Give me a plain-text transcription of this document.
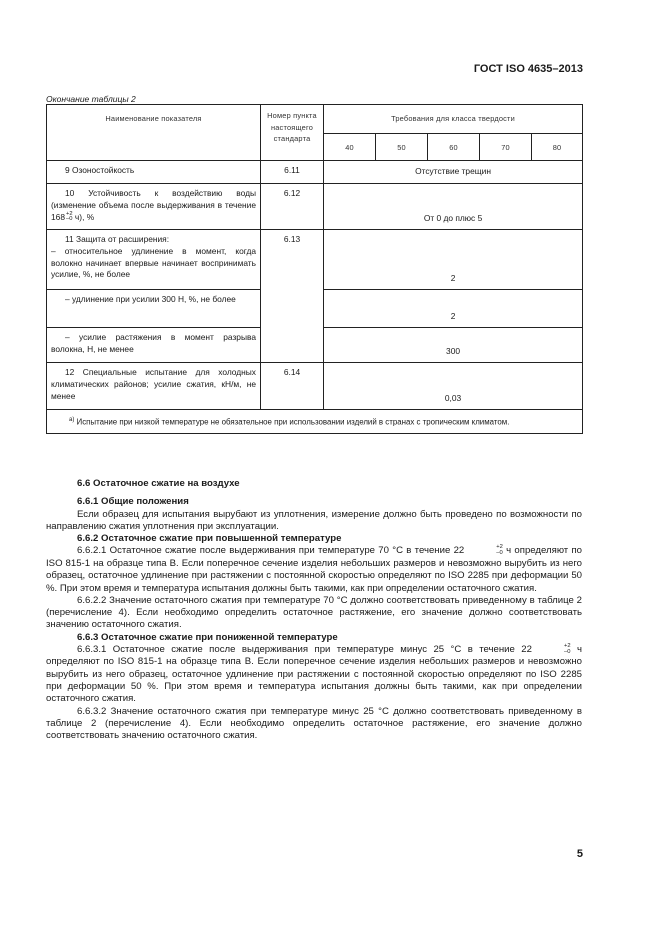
ГОСТ ISO 4635–2013
Окончание таблицы 2
Наименование показателя	Номер пункта настоящего стандарта	Требования для класса твердости				
		40	50	60	70	80
9 Озоностойкость	6.11	Отсутствие трещин				
10 Устойчивость к воздействию воды (изменение объема после выдерживания в течение 168 +2
–0 ч), %	6.12	От 0 до плюс 5				
11 Защита от расширения:
– относительное удлинение в момент, когда волокно начинает впервые начинает воспринимать усилие, %, не более	6.13	2				
– удлинение при усилии 300 Н, %, не более		2				
– усилие растяжения в момент разрыва волокна, Н, не менее		300				
12 Специальные испытание для холодных климатических районов; усилие сжатия, кН/м, не менее	6.14	0,03				
$^{а)}$ Испытание при низкой температуре не обязательное при использовании изделий в странах с тропическим климатом.						

6.6 Остаточное сжатие на воздухе

6.6.1 Общие положения

Если образец для испытания вырубают из уплотнения, измерение должно быть проведено по возможности по направлению сжатия уплотнения при эксплуатации.

6.6.2 Остаточное сжатие при повышенной температуре

6.6.2.1 Остаточное сжатие после выдерживания при температуре 70 °С в течение 22	+2
–0 ч определяют по ISO 815-1 на образце типа В. Если поперечное сечение изделия небольших размеров и невозможно вырубить из него образец, остаточное удлинение при растяжении с постоянной скоростью определяют по ISO 2285 при деформации 50 %. При этом время и температура испытания должны быть такими, как при определении остаточного сжатия.

6.6.2.2 Значение остаточного сжатия при температуре 70 °С должно соответствовать приведенному в таблице 2 (перечисление 4). Если необходимо определить остаточное растяжение, его значение должно соответствовать значению остаточного сжатия.

6.6.3 Остаточное сжатие при пониженной температуре

6.6.3.1 Остаточное сжатие после выдерживания при температуре минус 25 °С в течение 22	+2
–0 ч определяют по ISO 815-1 на образце типа В. Если поперечное сечение изделия небольших размеров и невозможно вырубить из него образец, остаточное удлинение при растяжении с постоянной скоростью определяют по ISO 2285 при деформации 50 %. При этом время и температура испытания должны быть такими, как при определении остаточного сжатия.

6.6.3.2 Значение остаточного сжатия при температуре минус 25 °С должно соответствовать приведенному в таблице 2 (перечисление 4). Если необходимо определить остаточное растяжение, его значение должно соответствовать значению остаточного сжатия.

5
